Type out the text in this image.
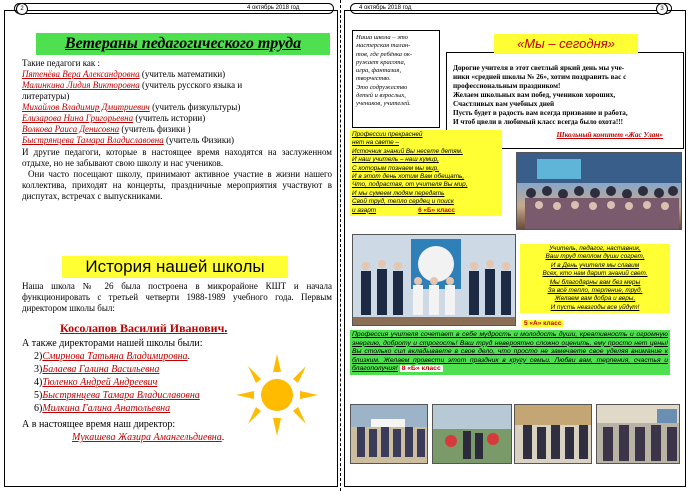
4 октябрь 2018 год
2	4 октябрь 2018 год	3
Ветераны педагогического труда
Такие педагоги как :
Пятенёва Вера Александровна (учитель математики)
Малинкина Лидия Викторовна (учитель русского языка и
литературы)
Михайлов Владимир Дмитриевич (учитель физкультуры)
Елизарова Нина Григорьевна (учитель истории)
Волкова Раиса Денисовна (учитель физики )
Быстрянцева Тамара Владиславовна (учитель Физики)
И другие педагоги, которые в настоящее время находятся на заслуженном отдыхе, но не забывают свою школу и нас учеников.
Они часто посещают школу, принимают активное участие в жизни нашего коллектива, приходят на концерты, праздничные мероприятия участвуют в диспутах, встречах с выпускниками.
История нашей школы
Наша школа № 26 была построена в микрорайоне КШТ и начала функционировать с третьей четверти 1988-1989 учебного года. Первым директором школы был:
Косолапов Василий Иванович.
А также директорами нашей школы были:
2)Смирнова Татьяна Владимировна.
3)Балаева Галина Васильевна
4)Тюленко Андрей Андреевич
5)Быстрянцева Тамара Владиславовна
6)Милкина Галина Анатольевна
А в настоящее время наш директор:
Мукашева Жазира Амангельдиевна.
Наша школа – это
мастерская талан-
тов, где ребёнка ок-
ружает красота,
игра, фантазия,
творчество.
Это содружество
детей и взрослых,
учеников, учителей.
Дорогие учителя в этот светлый яркий день мы уче-
ники «средней школы № 26», хотим поздравить вас с
профессиональным праздником!
Желаем школьных вам побед, учеников хороших,
Счастливых вам учебных дней
Пусть будет в радость вам всегда призвание и работа,
И чтоб цвели в любимый класс всегда было охота!!!
Школьный комитет «Жас Улан»
«Мы – сегодня»
Профессии прекрасней
нет на свете –
Источник знаний Вы несете детям.
И наш учитель – наш кумир,
С которым познаем мы мир.
И в этот день хотим Вам обещать,
Что, подрастая, от учителя Вы мир,
И мы сумеем людям передать
Свой труд, тепло сердец и поиск
и азарт	6 «Б» класс
Учитель, педагог, наставник,
Ваш труд теплом души согрет,
И в День учителя мы славим
Всех, кто нам дарит знаний свет.
Мы благодарны вам без меры
За всё тепло, терпение, труд.
Желаем вам добра и веры,
И пусть невзгоды все уйдут!
5 «А» класс
Профессия учителя сочетает в себе мудрость и молодость души, креативность и огромную энергию, доброту и строгость! Ваш труд невероятно сложно оценить, ему просто нет цены! Вы столько сил вкладываете в свое дело, что просто не замечаете свое уделяя внимание к близким. Желаем провести этот праздник в кругу семьи. Любви вам, терпения, счастья и благополучия! 8 «Б» класс
